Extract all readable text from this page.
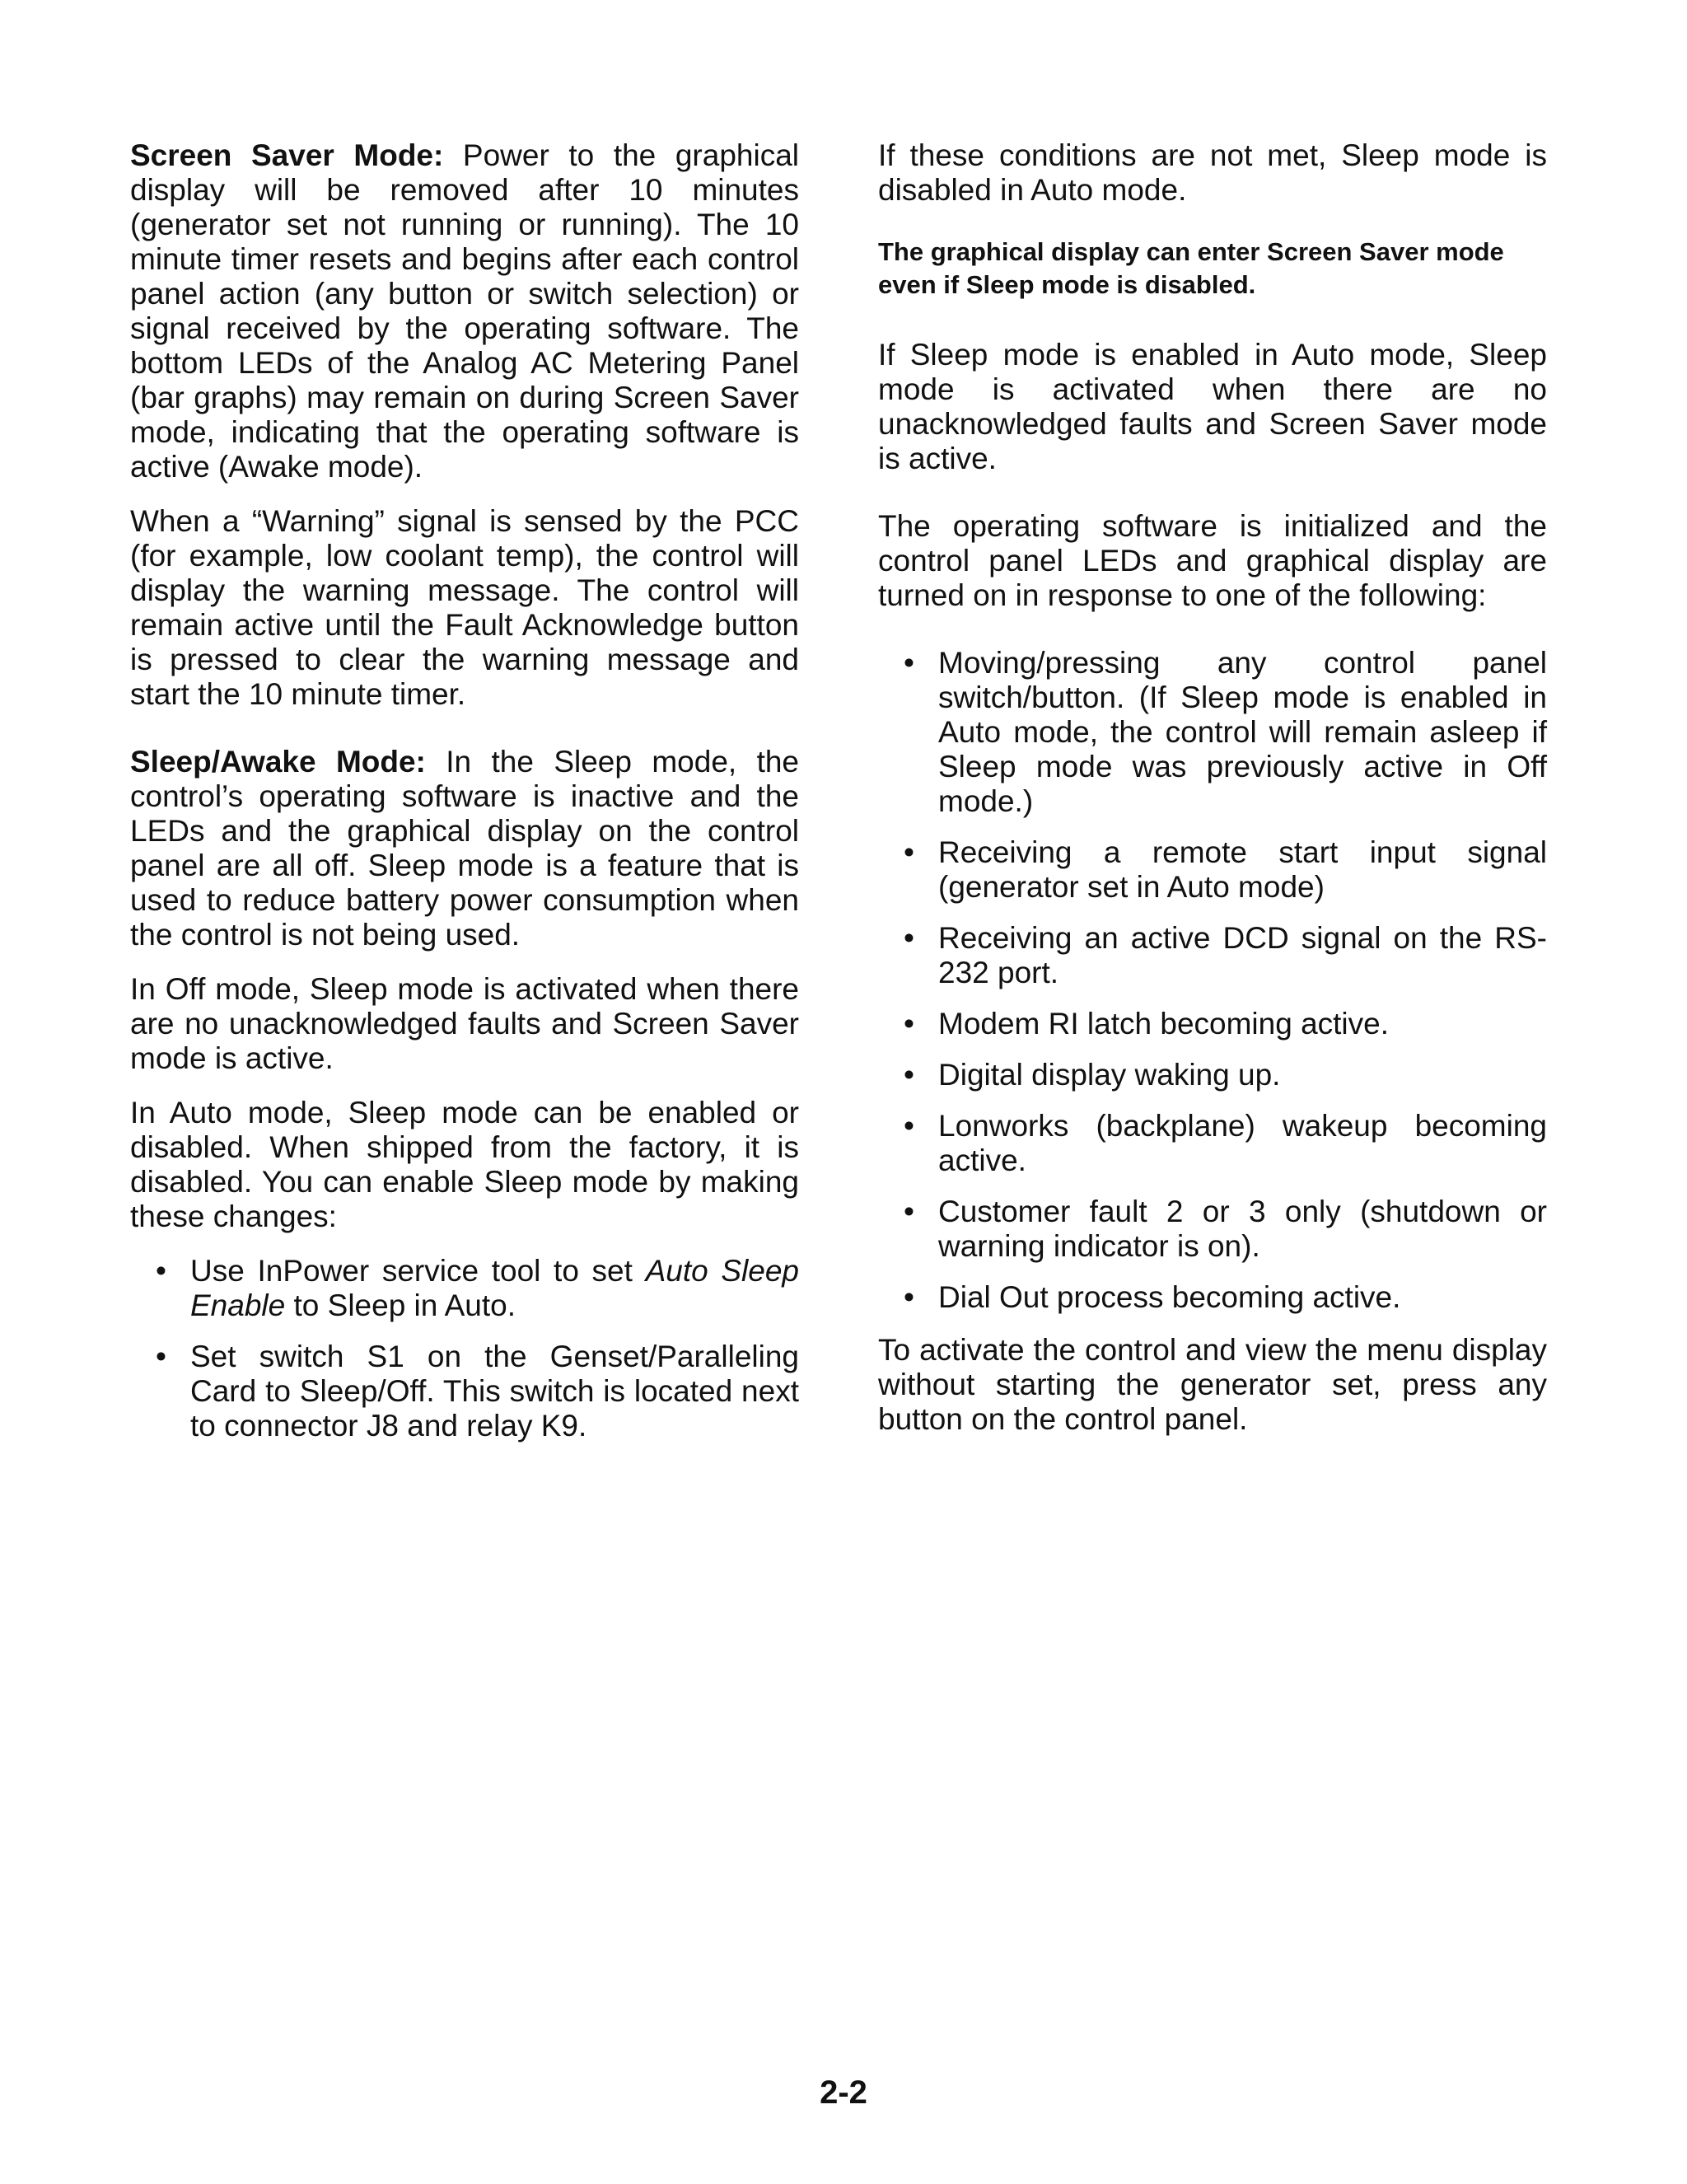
Screen Saver Mode: Power to the graphical display will be removed after 10 minutes (generator set not running or running). The 10 minute timer resets and begins after each control panel action (any button or switch selection) or signal received by the operating software. The bottom LEDs of the Analog AC Metering Panel (bar graphs) may remain on during Screen Saver mode, indicating that the operating software is active (Awake mode).

When a “Warning” signal is sensed by the PCC (for example, low coolant temp), the control will display the warning message. The control will remain active until the Fault Acknowledge button is pressed to clear the warning message and start the 10 minute timer.

Sleep/Awake Mode: In the Sleep mode, the control’s operating software is inactive and the LEDs and the graphical display on the control panel are all off. Sleep mode is a feature that is used to reduce battery power consumption when the control is not being used.

In Off mode, Sleep mode is activated when there are no unacknowledged faults and Screen Saver mode is active.

In Auto mode, Sleep mode can be enabled or disabled. When shipped from the factory, it is disabled. You can enable Sleep mode by making these changes:

• Use InPower service tool to set Auto Sleep Enable to Sleep in Auto.
• Set switch S1 on the Genset/Paralleling Card to Sleep/Off. This switch is located next to connector J8 and relay K9.

If these conditions are not met, Sleep mode is disabled in Auto mode.

The graphical display can enter Screen Saver mode even if Sleep mode is disabled.

If Sleep mode is enabled in Auto mode, Sleep mode is activated when there are no unacknowledged faults and Screen Saver mode is active.

The operating software is initialized and the control panel LEDs and graphical display are turned on in response to one of the following:

• Moving/pressing any control panel switch/button. (If Sleep mode is enabled in Auto mode, the control will remain asleep if Sleep mode was previously active in Off mode.)
• Receiving a remote start input signal (generator set in Auto mode)
• Receiving an active DCD signal on the RS-232 port.
• Modem RI latch becoming active.
• Digital display waking up.
• Lonworks (backplane) wakeup becoming active.
• Customer fault 2 or 3 only (shutdown or warning indicator is on).
• Dial Out process becoming active.

To activate the control and view the menu display without starting the generator set, press any button on the control panel.

2-2
